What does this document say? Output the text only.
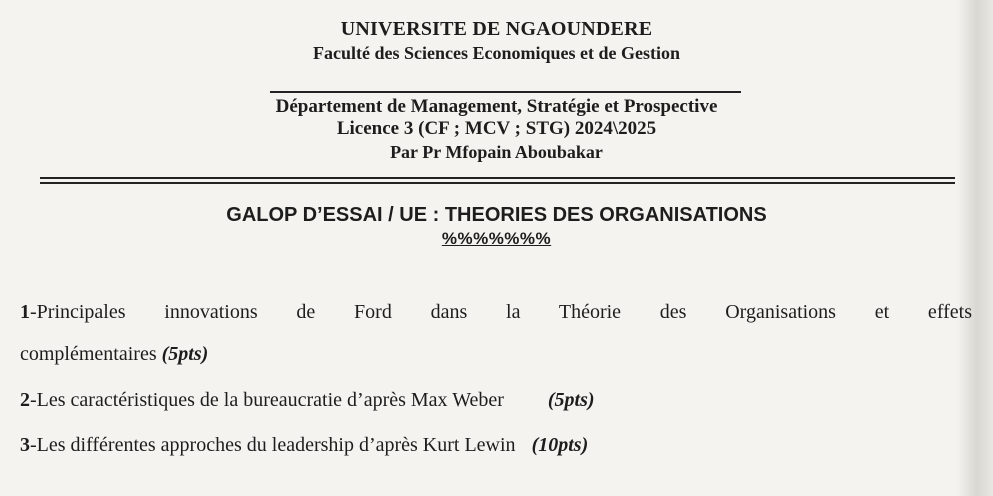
UNIVERSITE DE NGAOUNDERE
Faculté des Sciences Economiques et de Gestion
Département de Management, Stratégie et Prospective
Licence 3 (CF ; MCV ; STG) 2024\2025
Par Pr Mfopain Aboubakar
GALOP D’ESSAI / UE : THEORIES DES ORGANISATIONS
%%%%%%%
1-Principales innovations de Ford dans la Théorie des Organisations et effets
complémentaires (5pts)
2-Les caractéristiques de la bureaucratie d’après Max Weber (5pts)
3-Les différentes approches du leadership d’après Kurt Lewin (10pts)
